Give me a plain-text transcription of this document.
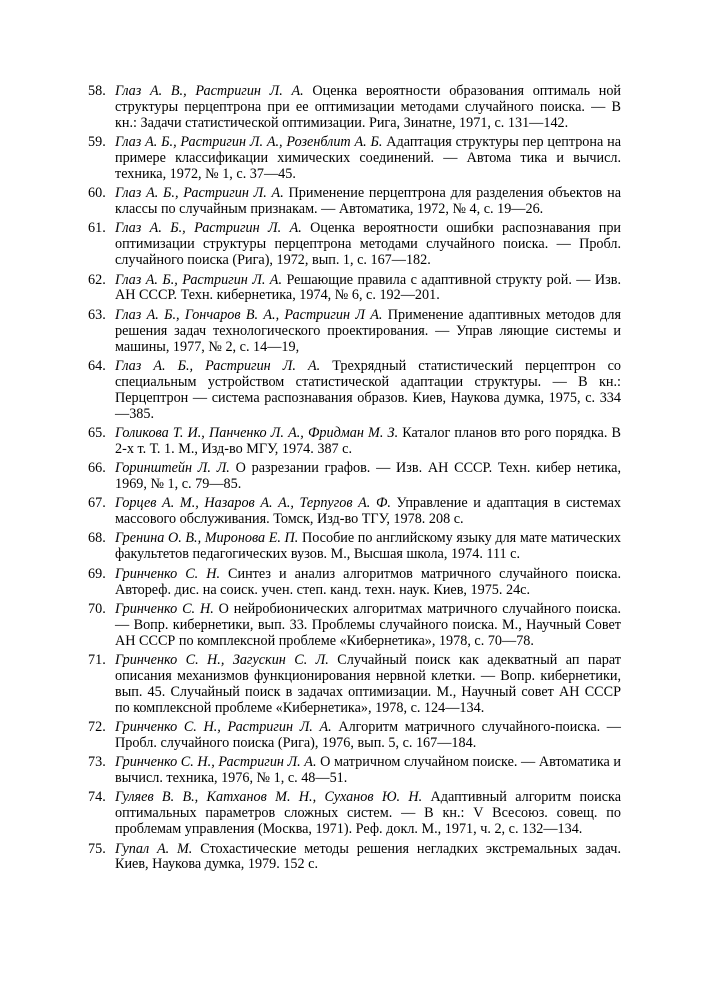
58. Глаз А. В., Растригин Л. А. Оценка вероятности образования оптималь ной структуры перцептрона при ее оптимизации методами случайного поиска. — В кн.: Задачи статистической оптимизации. Рига, Зинатне, 1971, с. 131—142.
59. Глаз А. Б., Растригин Л. А., Розенблит А. Б. Адаптация структуры пер цептрона на примере классификации химических соединений. — Автома тика и вычисл. техника, 1972, № 1, с. 37—45.
60. Глаз А. Б., Растригин Л. А. Применение перцептрона для разделения объектов на классы по случайным признакам. — Автоматика, 1972, № 4, с. 19—26.
61. Глаз А. Б., Растригин Л. А. Оценка вероятности ошибки распознавания при оптимизации структуры перцептрона методами случайного поиска. — Пробл. случайного поиска (Рига), 1972, вып. 1, с. 167—182.
62. Глаз А. Б., Растригин Л. А. Решающие правила с адаптивной структу рой. — Изв. АН СССР. Техн. кибернетика, 1974, № 6, с. 192—201.
63. Глаз А. Б., Гончаров В. А., Растригин Л А. Применение адаптивных методов для решения задач технологического проектирования. — Управ ляющие системы и машины, 1977, № 2, с. 14—19,
64. Глаз А. Б., Растригин Л. А. Трехрядный статистический перцептрон со специальным устройством статистической адаптации структуры. — В кн.: Перцептрон — система распознавания образов. Киев, Наукова думка, 1975, с. 334—385.
65. Голикова Т. И., Панченко Л. А., Фридман М. З. Каталог планов вто рого порядка. В 2-х т. Т. 1. М., Изд-во МГУ, 1974. 387 с.
66. Горинштейн Л. Л. О разрезании графов. — Изв. АН СССР. Техн. кибер нетика, 1969, № 1, с. 79—85.
67. Горцев А. М., Назаров А. А., Терпугов А. Ф. Управление и адаптация в системах массового обслуживания. Томск, Изд-во ТГУ, 1978. 208 с.
68. Гренина О. В., Миронова Е. П. Пособие по английскому языку для мате матических факультетов педагогических вузов. М., Высшая школа, 1974. 111 с.
69. Гринченко С. Н. Синтез и анализ алгоритмов матричного случайного поиска. Автореф. дис. на соиск. учен. степ. канд. техн. наук. Киев, 1975. 24с.
70. Гринченко С. Н. О нейробионических алгоритмах матричного случайного поиска. — Вопр. кибернетики, вып. 33. Проблемы случайного поиска. М., Научный Совет АН СССР по комплексной проблеме «Кибернетика», 1978, с. 70—78.
71. Гринченко С. Н., Загускин С. Л. Случайный поиск как адекватный ап парат описания механизмов функционирования нервной клетки. — Вопр. кибернетики, вып. 45. Случайный поиск в задачах оптимизации. М., Научный совет АН СССР по комплексной проблеме «Кибернетика», 1978, с. 124—134.
72. Гринченко С. Н., Растригин Л. А. Алгоритм матричного случайного-поиска. — Пробл. случайного поиска (Рига), 1976, вып. 5, с. 167—184.
73. Гринченко С. Н., Растригин Л. А. О матричном случайном поиске. — Автоматика и вычисл. техника, 1976, № 1, с. 48—51.
74. Гуляев В. В., Катханов М. Н., Суханов Ю. Н. Адаптивный алгоритм поиска оптимальных параметров сложных систем. — В кн.: V Всесоюз. совещ. по проблемам управления (Москва, 1971). Реф. докл. М., 1971, ч. 2, с. 132—134.
75. Гупал А. М. Стохастические методы решения негладких экстремальных задач. Киев, Наукова думка, 1979. 152 с.
